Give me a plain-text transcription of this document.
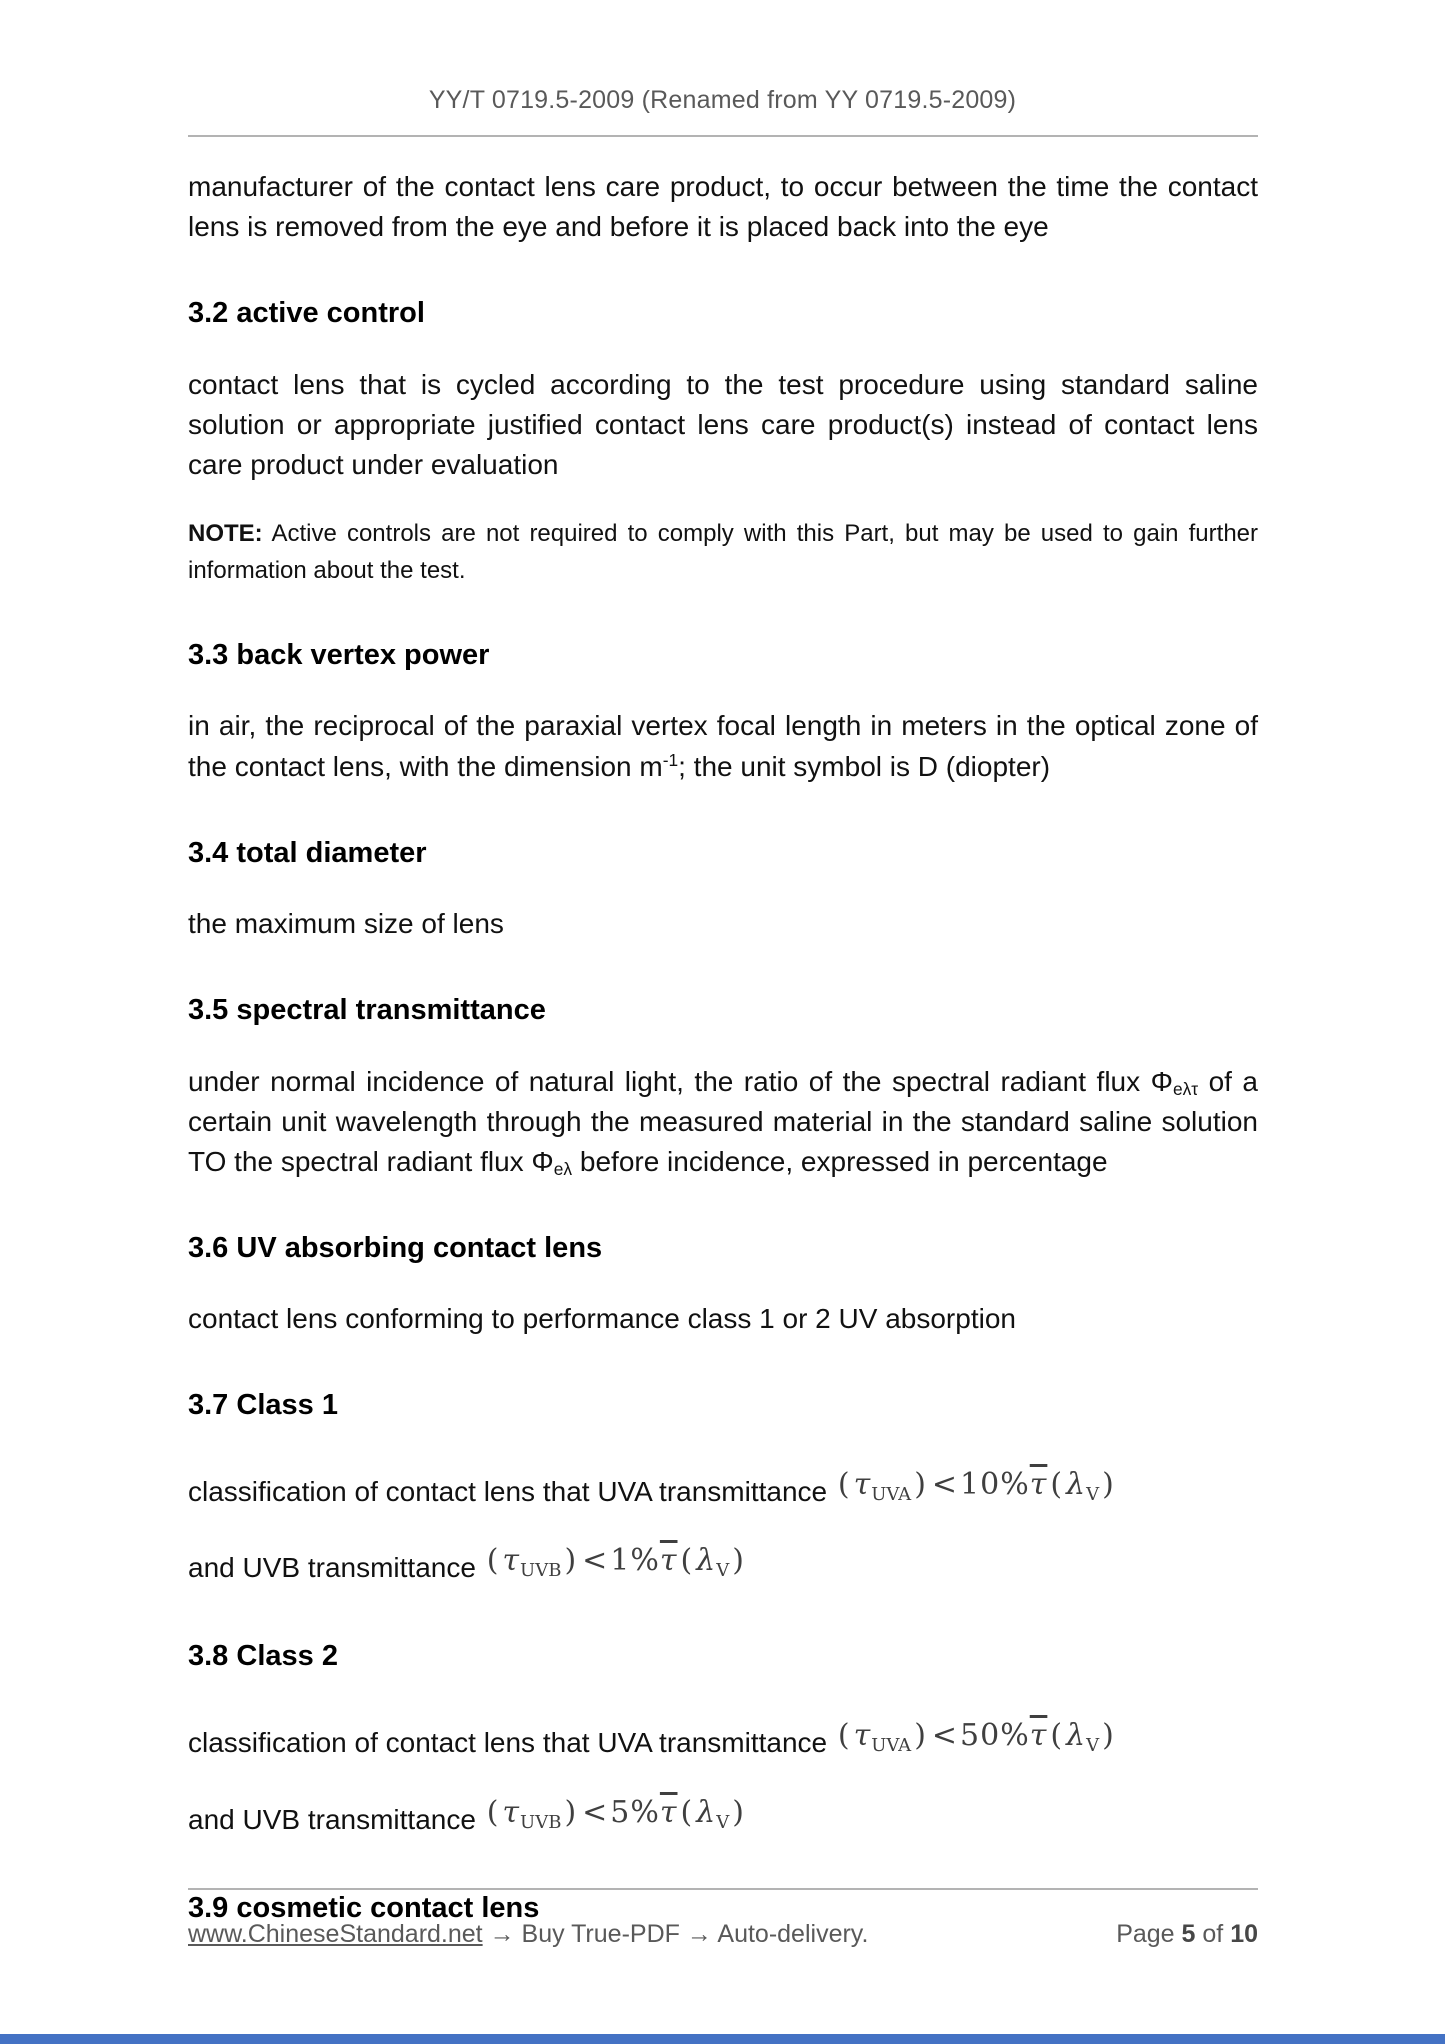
YY/T 0719.5-2009 (Renamed from YY 0719.5-2009)

manufacturer of the contact lens care product, to occur between the time the contact lens is removed from the eye and before it is placed back into the eye

3.2 active control

contact lens that is cycled according to the test procedure using standard saline solution or appropriate justified contact lens care product(s) instead of contact lens care product under evaluation

NOTE: Active controls are not required to comply with this Part, but may be used to gain further information about the test.

3.3 back vertex power

in air, the reciprocal of the paraxial vertex focal length in meters in the optical zone of the contact lens, with the dimension $m^{-1}$; the unit symbol is D (diopter)

3.4 total diameter

the maximum size of lens

3.5 spectral transmittance

under normal incidence of natural light, the ratio of the spectral radiant flux Φeλτ of a certain unit wavelength through the measured material in the standard saline solution TO the spectral radiant flux Φeλ before incidence, expressed in percentage

3.6 UV absorbing contact lens

contact lens conforming to performance class 1 or 2 UV absorption

3.7 Class 1

classification of contact lens that UVA transmittance ( τUVA ) $<10\%\overline{\tau}$ ( λV )

and UVB transmittance ( τUVB ) $<1\%\overline{\tau}$ ( λV )

3.8 Class 2

classification of contact lens that UVA transmittance ( τUVA ) $<50\%\overline{\tau}$ ( λV )

and UVB transmittance ( τUVB ) $<5\%\overline{\tau}$ ( λV )

3.9 cosmetic contact lens
www.ChineseStandard.net → Buy True-PDF → Auto-delivery.	Page 5 of 10
